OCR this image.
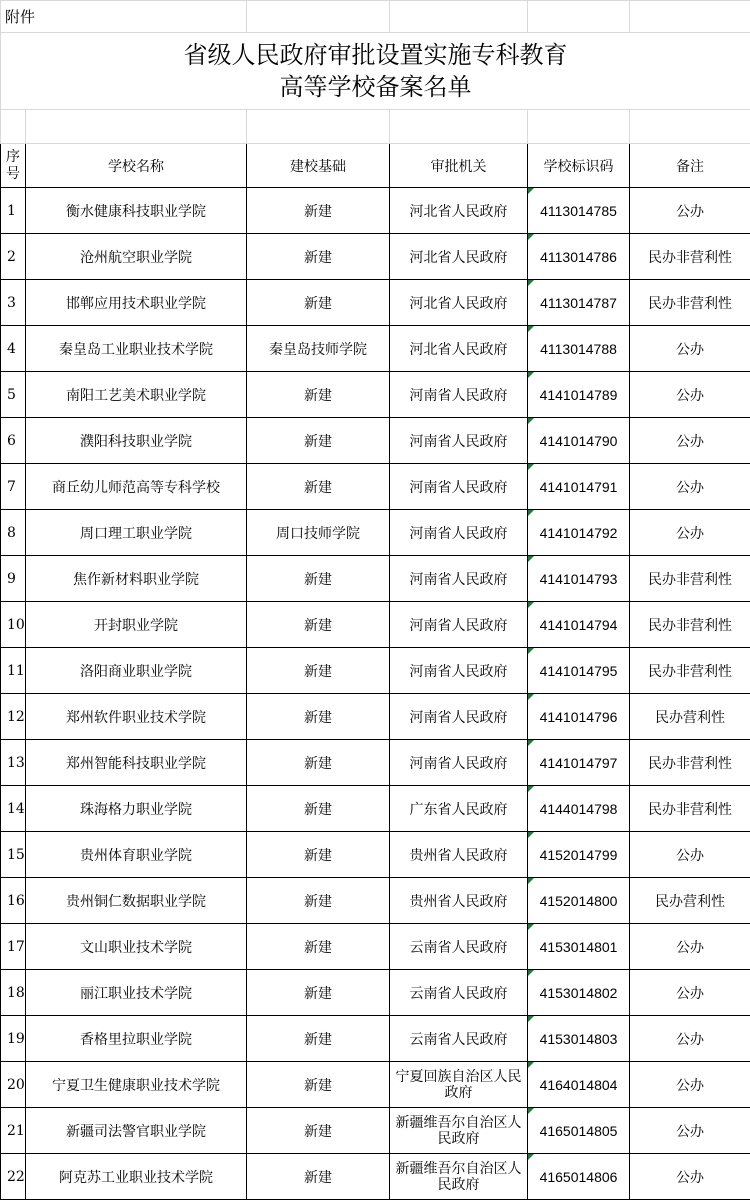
附件					

省级人民政府审批设置实施专科教育
高等学校备案名单					

序号	学校名称	建校基础	审批机关	学校标识码	备注
1	衡水健康科技职业学院	新建	河北省人民政府	4113014785	公办
2	沧州航空职业学院	新建	河北省人民政府	4113014786	民办非营利性
3	邯郸应用技术职业学院	新建	河北省人民政府	4113014787	民办非营利性
4	秦皇岛工业职业技术学院	秦皇岛技师学院	河北省人民政府	4113014788	公办
5	南阳工艺美术职业学院	新建	河南省人民政府	4141014789	公办
6	濮阳科技职业学院	新建	河南省人民政府	4141014790	公办
7	商丘幼儿师范高等专科学校	新建	河南省人民政府	4141014791	公办
8	周口理工职业学院	周口技师学院	河南省人民政府	4141014792	公办
9	焦作新材料职业学院	新建	河南省人民政府	4141014793	民办非营利性
10	开封职业学院	新建	河南省人民政府	4141014794	民办非营利性
11	洛阳商业职业学院	新建	河南省人民政府	4141014795	民办非营利性
12	郑州软件职业技术学院	新建	河南省人民政府	4141014796	民办营利性
13	郑州智能科技职业学院	新建	河南省人民政府	4141014797	民办非营利性
14	珠海格力职业学院	新建	广东省人民政府	4144014798	民办非营利性
15	贵州体育职业学院	新建	贵州省人民政府	4152014799	公办
16	贵州铜仁数据职业学院	新建	贵州省人民政府	4152014800	民办营利性
17	文山职业技术学院	新建	云南省人民政府	4153014801	公办
18	丽江职业技术学院	新建	云南省人民政府	4153014802	公办
19	香格里拉职业学院	新建	云南省人民政府	4153014803	公办
20	宁夏卫生健康职业技术学院	新建	宁夏回族自治区人民政府	4164014804	公办
21	新疆司法警官职业学院	新建	新疆维吾尔自治区人民政府	4165014805	公办
22	阿克苏工业职业技术学院	新建	新疆维吾尔自治区人民政府	4165014806	公办
